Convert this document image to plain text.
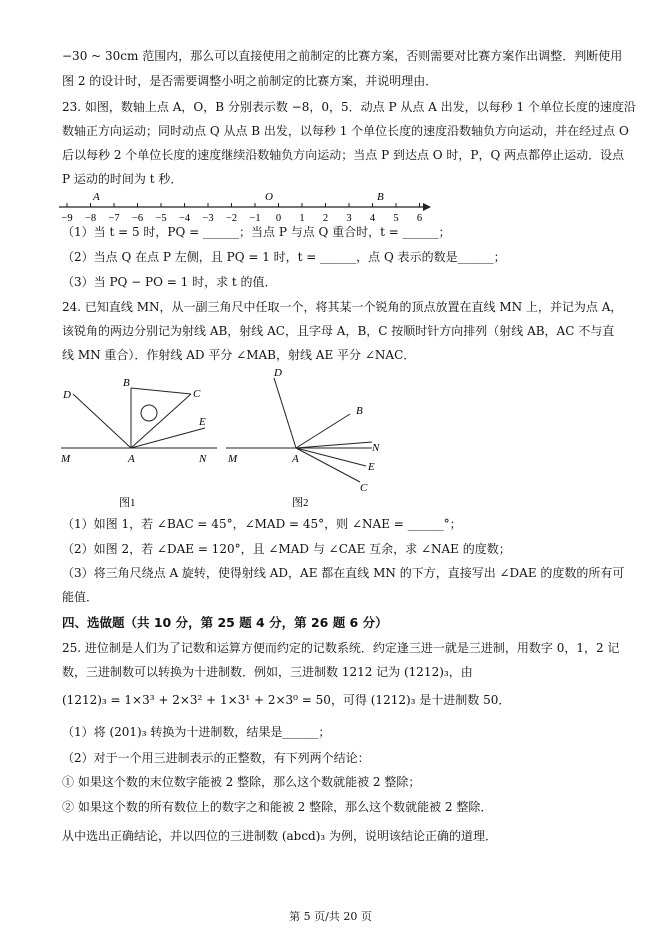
−30 ~ 30cm 范围内，那么可以直接使用之前制定的比赛方案，否则需要对比赛方案作出调整．判断使用
图 2 的设计时，是否需要调整小明之前制定的比赛方案，并说明理由．
23. 如图，数轴上点 A，O，B 分别表示数 −8，0，5．动点 P 从点 A 出发，以每秒 1 个单位长度的速度沿
数轴正方向运动；同时动点 Q 从点 B 出发，以每秒 1 个单位长度的速度沿数轴负方向运动，并在经过点 O
后以每秒 2 个单位长度的速度继续沿数轴负方向运动；当点 P 到达点 O 时，P，Q 两点都停止运动．设点
P 运动的时间为 t 秒．
−9 −8 −7 −6 −5 −4 −3 −2 −1 0 1 2 3 4 5 6
A	O	B
（1）当 t = 5 时，PQ = ______；当点 P 与点 Q 重合时，t = ______；
（2）当点 Q 在点 P 左侧，且 PQ = 1 时，t = ______，点 Q 表示的数是______；
（3）当 PQ − PO = 1 时，求 t 的值．
24. 已知直线 MN，从一副三角尺中任取一个，将其某一个锐角的顶点放置在直线 MN 上，并记为点 A，
该锐角的两边分别记为射线 AB，射线 AC，且字母 A，B，C 按顺时针方向排列（射线 AB，AC 不与直
线 MN 重合）．作射线 AD 平分 ∠MAB，射线 AE 平分 ∠NAC．
D
B
C
E
M	A	N
图1
D
B
N
E
C
M	A
图2
（1）如图 1，若 ∠BAC = 45°，∠MAD = 45°，则 ∠NAE = ______°；
（2）如图 2，若 ∠DAE = 120°，且 ∠MAD 与 ∠CAE 互余，求 ∠NAE 的度数；
（3）将三角尺绕点 A 旋转，使得射线 AD，AE 都在直线 MN 的下方，直接写出 ∠DAE 的度数的所有可
能值．
四、选做题（共 10 分，第 25 题 4 分，第 26 题 6 分）
25. 进位制是人们为了记数和运算方便而约定的记数系统．约定逢三进一就是三进制，用数字 0，1，2 记
数，三进制数可以转换为十进制数．例如，三进制数 1212 记为 (1212)₃，由
(1212)₃ = 1×3³ + 2×3² + 1×3¹ + 2×3⁰ = 50，可得 (1212)₃ 是十进制数 50．
（1）将 (201)₃ 转换为十进制数，结果是______；
（2）对于一个用三进制表示的正整数，有下列两个结论：
① 如果这个数的末位数字能被 2 整除，那么这个数就能被 2 整除；
② 如果这个数的所有数位上的数字之和能被 2 整除，那么这个数就能被 2 整除．
从中选出正确结论，并以四位的三进制数 (abcd)₃ 为例，说明该结论正确的道理．
第 5 页/共 20 页
